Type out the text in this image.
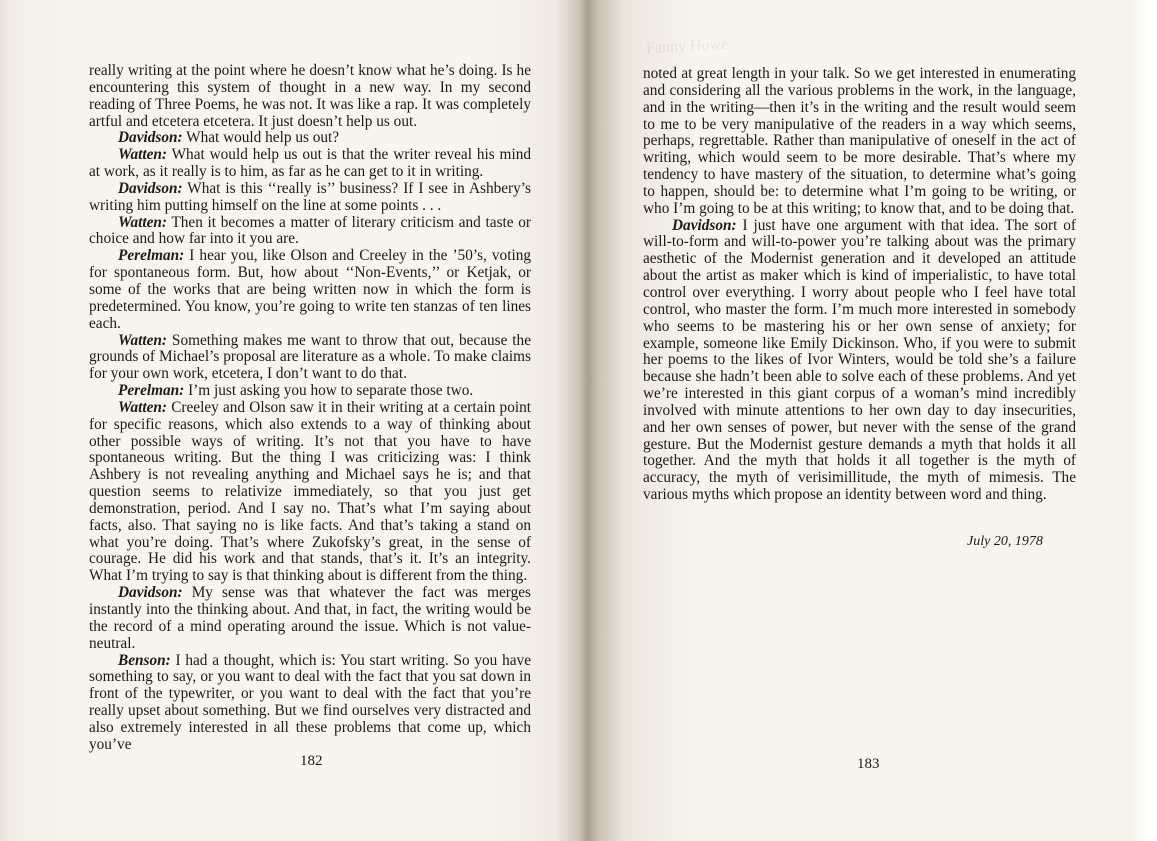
really writing at the point where he doesn’t know what he’s doing. Is he encountering this system of thought in a new way. In my second reading of Three Poems, he was not. It was like a rap. It was completely artful and etcetera etcetera. It just doesn’t help us out.

Davidson: What would help us out?

Watten: What would help us out is that the writer reveal his mind at work, as it really is to him, as far as he can get to it in writing.

Davidson: What is this ‘‘really is’’ business? If I see in Ashbery’s writing him putting himself on the line at some points . . .

Watten: Then it becomes a matter of literary criticism and taste or choice and how far into it you are.

Perelman: I hear you, like Olson and Creeley in the ’50’s, voting for spontaneous form. But, how about ‘‘Non-Events,’’ or Ketjak, or some of the works that are being written now in which the form is predetermined. You know, you’re going to write ten stanzas of ten lines each.

Watten: Something makes me want to throw that out, because the grounds of Michael’s proposal are literature as a whole. To make claims for your own work, etcetera, I don’t want to do that.

Perelman: I’m just asking you how to separate those two.

Watten: Creeley and Olson saw it in their writing at a certain point for specific reasons, which also extends to a way of thinking about other possible ways of writing. It’s not that you have to have spontaneous writing. But the thing I was criticizing was: I think Ashbery is not revealing anything and Michael says he is; and that question seems to relativize immediately, so that you just get demonstration, period. And I say no. That’s what I’m saying about facts, also. That saying no is like facts. And that’s taking a stand on what you’re doing. That’s where Zukofsky’s great, in the sense of courage. He did his work and that stands, that’s it. It’s an integrity. What I’m trying to say is that thinking about is different from the thing.

Davidson: My sense was that whatever the fact was merges instantly into the thinking about. And that, in fact, the writing would be the record of a mind operating around the issue. Which is not value-neutral.

Benson: I had a thought, which is: You start writing. So you have something to say, or you want to deal with the fact that you sat down in front of the typewriter, or you want to deal with the fact that you’re really upset about something. But we find ourselves very distracted and also extremely interested in all these problems that come up, which you’ve

182
Fanny Howe

noted at great length in your talk. So we get interested in enumerating and considering all the various problems in the work, in the language, and in the writing—then it’s in the writing and the result would seem to me to be very manipulative of the readers in a way which seems, perhaps, regrettable. Rather than manipulative of oneself in the act of writing, which would seem to be more desirable. That’s where my tendency to have mastery of the situation, to determine what’s going to happen, should be: to determine what I’m going to be writing, or who I’m going to be at this writing; to know that, and to be doing that.

Davidson: I just have one argument with that idea. The sort of will-to-form and will-to-power you’re talking about was the primary aesthetic of the Modernist generation and it developed an attitude about the artist as maker which is kind of imperialistic, to have total control over everything. I worry about people who I feel have total control, who master the form. I’m much more interested in somebody who seems to be mastering his or her own sense of anxiety; for example, someone like Emily Dickinson. Who, if you were to submit her poems to the likes of Ivor Winters, would be told she’s a failure because she hadn’t been able to solve each of these problems. And yet we’re interested in this giant corpus of a woman’s mind incredibly involved with minute attentions to her own day to day insecurities, and her own senses of power, but never with the sense of the grand gesture. But the Modernist gesture demands a myth that holds it all together. And the myth that holds it all together is the myth of accuracy, the myth of verisimillitude, the myth of mimesis. The various myths which propose an identity between word and thing.

July 20, 1978
183
